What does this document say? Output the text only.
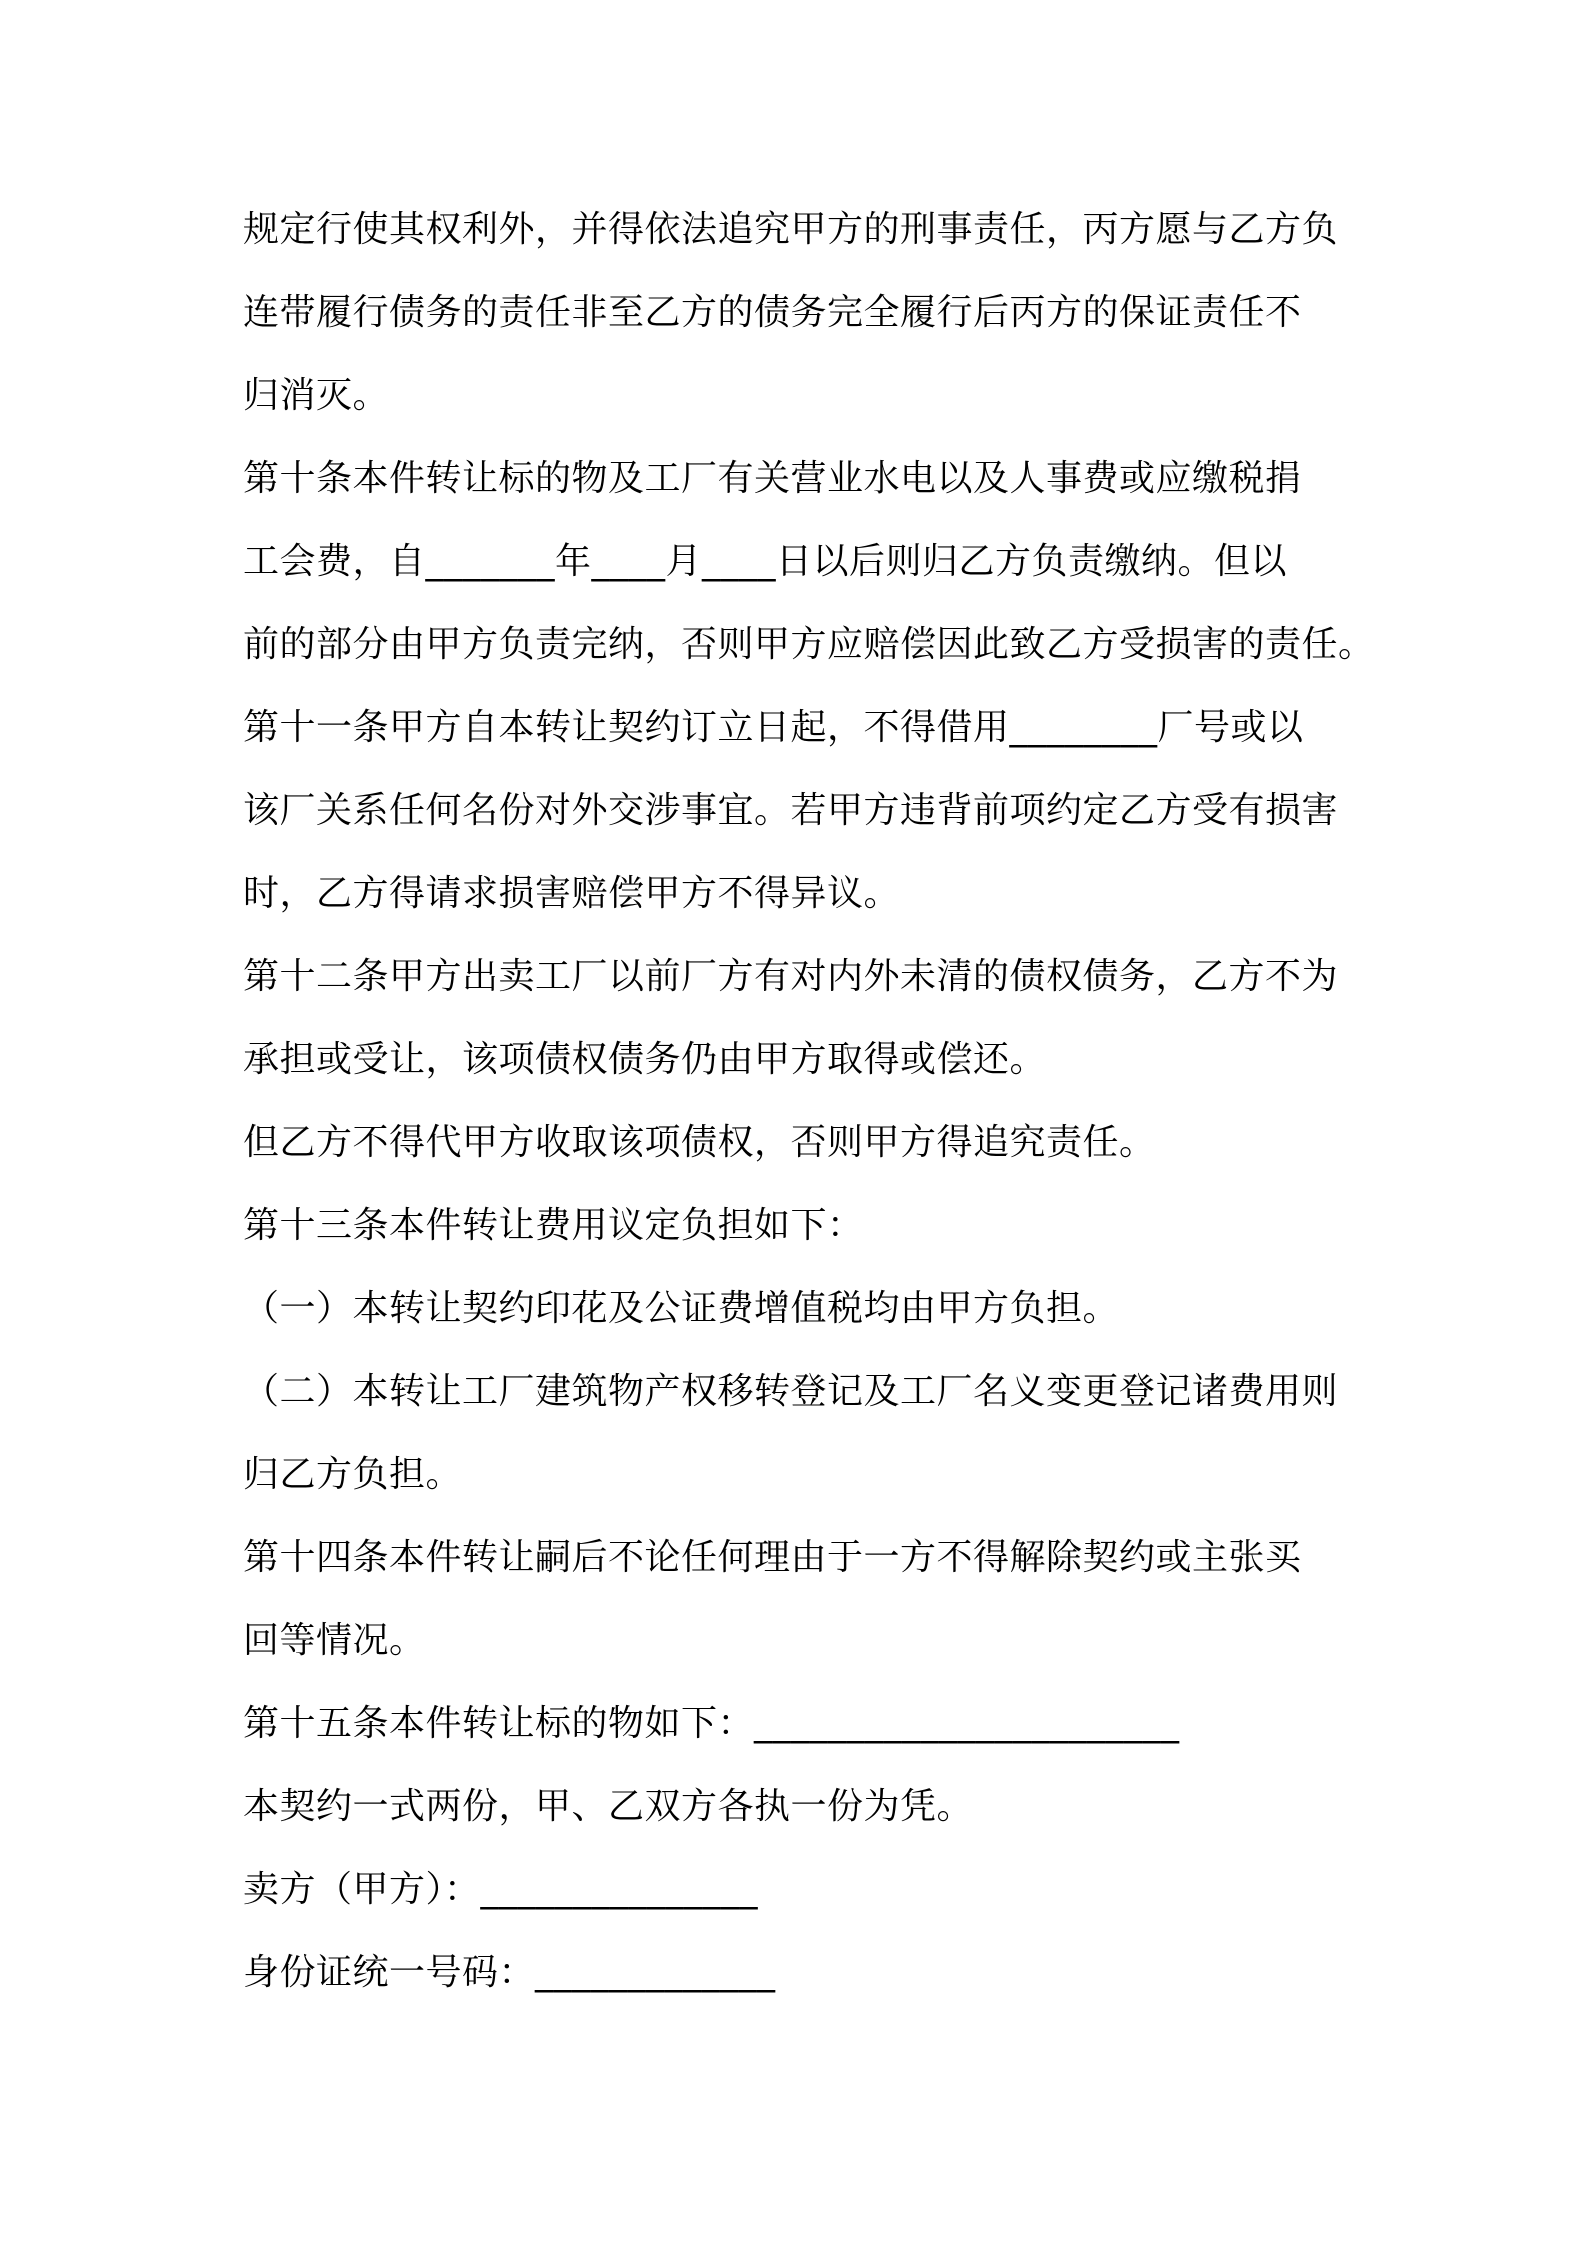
规定行使其权利外，并得依法追究甲方的刑事责任，丙方愿与乙方负
连带履行债务的责任非至乙方的债务完全履行后丙方的保证责任不
归消灭。
第十条本件转让标的物及工厂有关营业水电以及人事费或应缴税捐
工会费，自_______年____月____日以后则归乙方负责缴纳。但以
前的部分由甲方负责完纳，否则甲方应赔偿因此致乙方受损害的责任。
第十一条甲方自本转让契约订立日起，不得借用________厂号或以
该厂关系任何名份对外交涉事宜。若甲方违背前项约定乙方受有损害
时，乙方得请求损害赔偿甲方不得异议。
第十二条甲方出卖工厂以前厂方有对内外未清的债权债务，乙方不为
承担或受让，该项债权债务仍由甲方取得或偿还。
但乙方不得代甲方收取该项债权，否则甲方得追究责任。
第十三条本件转让费用议定负担如下：
（一）本转让契约印花及公证费增值税均由甲方负担。
（二）本转让工厂建筑物产权移转登记及工厂名义变更登记诸费用则
归乙方负担。
第十四条本件转让嗣后不论任何理由于一方不得解除契约或主张买
回等情况。
第十五条本件转让标的物如下：_______________________
本契约一式两份，甲、乙双方各执一份为凭。
卖方（甲方）：_______________
身份证统一号码：_____________
